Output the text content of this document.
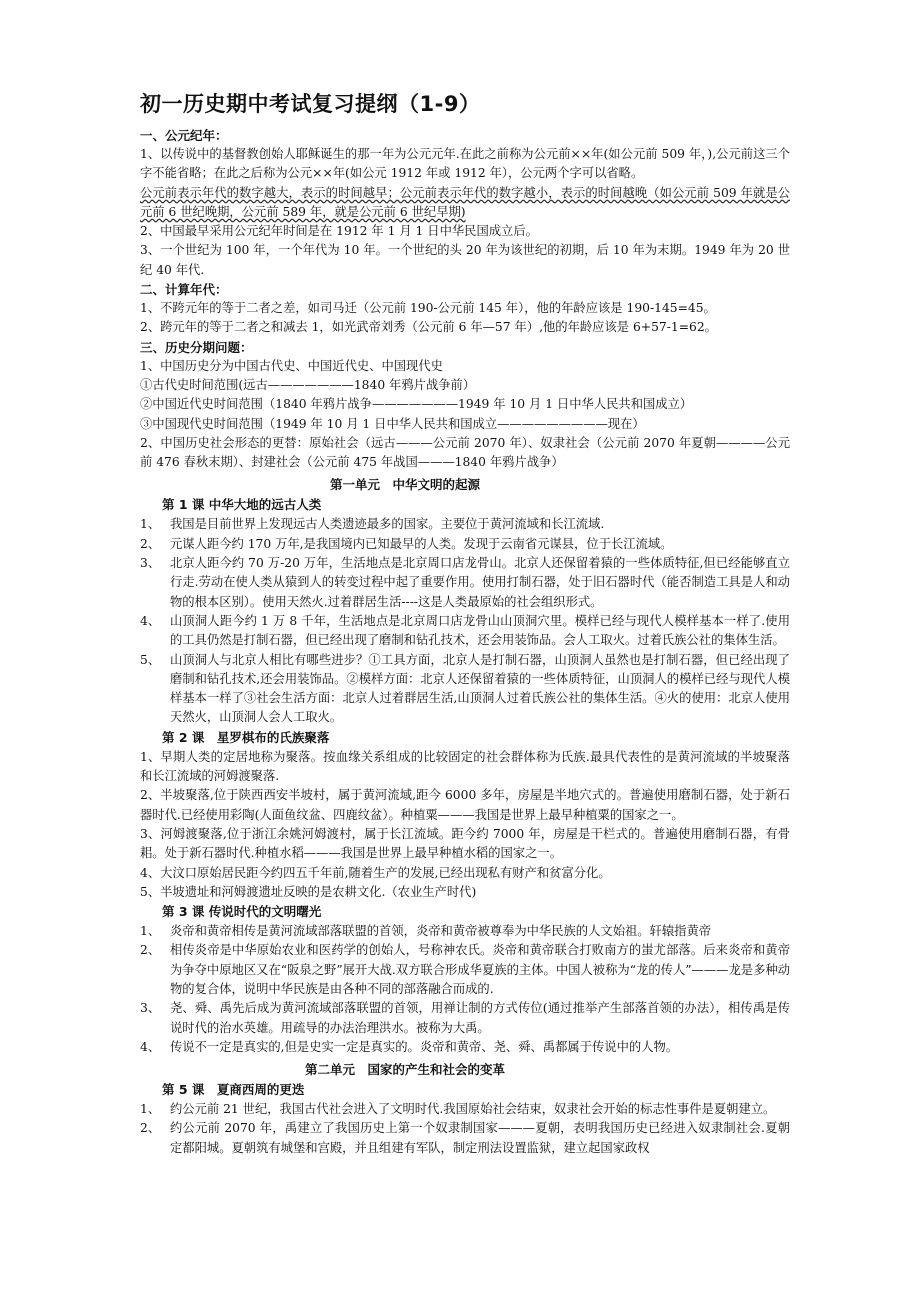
初一历史期中考试复习提纲（1-9）
一、公元纪年：

1、以传说中的基督教创始人耶稣诞生的那一年为公元元年.在此之前称为公元前××年(如公元前 509 年，),公元前这三个字不能省略；在此之后称为公元××年(如公元 1912 年或 1912 年），公元两个字可以省略。

公元前表示年代的数字越大，表示的时间越早；公元前表示年代的数字越小，表示的时间越晚（如公元前 509 年就是公元前 6 世纪晚期，公元前 589 年，就是公元前 6 世纪早期)

2、中国最早采用公元纪年时间是在 1912 年 1 月 1 日中华民国成立后。

3、一个世纪为 100 年，一个年代为 10 年。一个世纪的头 20 年为该世纪的初期，后 10 年为末期。1949 年为 20 世纪 40 年代.

二、计算年代：

1、不跨元年的等于二者之差，如司马迁（公元前 190-公元前 145 年），他的年龄应该是 190-145=45。

2、跨元年的等于二者之和减去 1，如光武帝刘秀（公元前 6 年—57 年）,他的年龄应该是 6+57-1=62。

三、历史分期问题：

1、中国历史分为中国古代史、中国近代史、中国现代史

①古代史时间范围(远古———————1840 年鸦片战争前）

②中国近代史时间范围（1840 年鸦片战争———————1949 年 10 月 1 日中华人民共和国成立）

③中国现代史时间范围（1949 年 10 月 1 日中华人民共和国成立—————————现在）

2、中国历史社会形态的更替：原始社会（远古———公元前 2070 年）、奴隶社会（公元前 2070 年夏朝————公元前 476 春秋末期）、封建社会（公元前 475 年战国———1840 年鸦片战争）

第一单元　中华文明的起源
第 1 课 中华大地的远古人类
1、 我国是目前世界上发现远古人类遗迹最多的国家。主要位于黄河流域和长江流域.
2、 元谋人距今约 170 万年,是我国境内已知最早的人类。发现于云南省元谋县，位于长江流域。
3、 北京人距今约 70 万-20 万年，生活地点是北京周口店龙骨山。北京人还保留着猿的一些体质特征,但已经能够直立行走.劳动在使人类从猿到人的转变过程中起了重要作用。使用打制石器，处于旧石器时代（能否制造工具是人和动物的根本区别）。使用天然火.过着群居生活----这是人类最原始的社会组织形式。
4、 山顶洞人距今约 1 万 8 千年，生活地点是北京周口店龙骨山山顶洞穴里。模样已经与现代人模样基本一样了.使用的工具仍然是打制石器，但已经出现了磨制和钻孔技术，还会用装饰品。会人工取火。过着氏族公社的集体生活。
5、 山顶洞人与北京人相比有哪些进步？①工具方面，北京人是打制石器，山顶洞人虽然也是打制石器，但已经出现了磨制和钻孔技术,还会用装饰品。②模样方面：北京人还保留着猿的一些体质特征，山顶洞人的模样已经与现代人模样基本一样了③社会生活方面：北京人过着群居生活,山顶洞人过着氏族公社的集体生活。④火的使用：北京人使用天然火，山顶洞人会人工取火。
第 2 课　星罗棋布的氏族聚落

1、早期人类的定居地称为聚落。按血缘关系组成的比较固定的社会群体称为氏族.最具代表性的是黄河流域的半坡聚落和长江流域的河姆渡聚落.

2、半坡聚落,位于陕西西安半坡村，属于黄河流域,距今 6000 多年，房屋是半地穴式的。普遍使用磨制石器，处于新石器时代.已经使用彩陶(人面鱼纹盆、四鹿纹盆）。种植粟———我国是世界上最早种植粟的国家之一。

3、河姆渡聚落,位于浙江余姚河姆渡村，属于长江流域。距今约 7000 年，房屋是干栏式的。普遍使用磨制石器，有骨耜。处于新石器时代.种植水稻———我国是世界上最早种植水稻的国家之一。

4、大汶口原始居民距今约四五千年前,随着生产的发展,已经出现私有财产和贫富分化。

5、半坡遗址和河姆渡遗址反映的是农耕文化.（农业生产时代)

第 3 课 传说时代的文明曙光
1、 炎帝和黄帝相传是黄河流域部落联盟的首领，炎帝和黄帝被尊奉为中华民族的人文始祖。轩辕指黄帝
2、 相传炎帝是中华原始农业和医药学的创始人，号称神农氏。炎帝和黄帝联合打败南方的蚩尤部落。后来炎帝和黄帝为争夺中原地区又在“阪泉之野”展开大战.双方联合形成华夏族的主体。中国人被称为“龙的传人”———龙是多种动物的复合体，说明中华民族是由各种不同的部落融合而成的.
3、 尧、舜、禹先后成为黄河流域部落联盟的首领，用禅让制的方式传位(通过推举产生部落首领的办法），相传禹是传说时代的治水英雄。用疏导的办法治理洪水。被称为大禹。
4、 传说不一定是真实的,但是史实一定是真实的。炎帝和黄帝、尧、舜、禹都属于传说中的人物。
第二单元　国家的产生和社会的变革
第 5 课　夏商西周的更迭
1、 约公元前 21 世纪，我国古代社会进入了文明时代.我国原始社会结束，奴隶社会开始的标志性事件是夏朝建立。
2、 约公元前 2070 年，禹建立了我国历史上第一个奴隶制国家———夏朝，表明我国历史已经进入奴隶制社会.夏朝定都阳城。夏朝筑有城堡和宫殿，并且组建有军队，制定刑法设置监狱，建立起国家政权
